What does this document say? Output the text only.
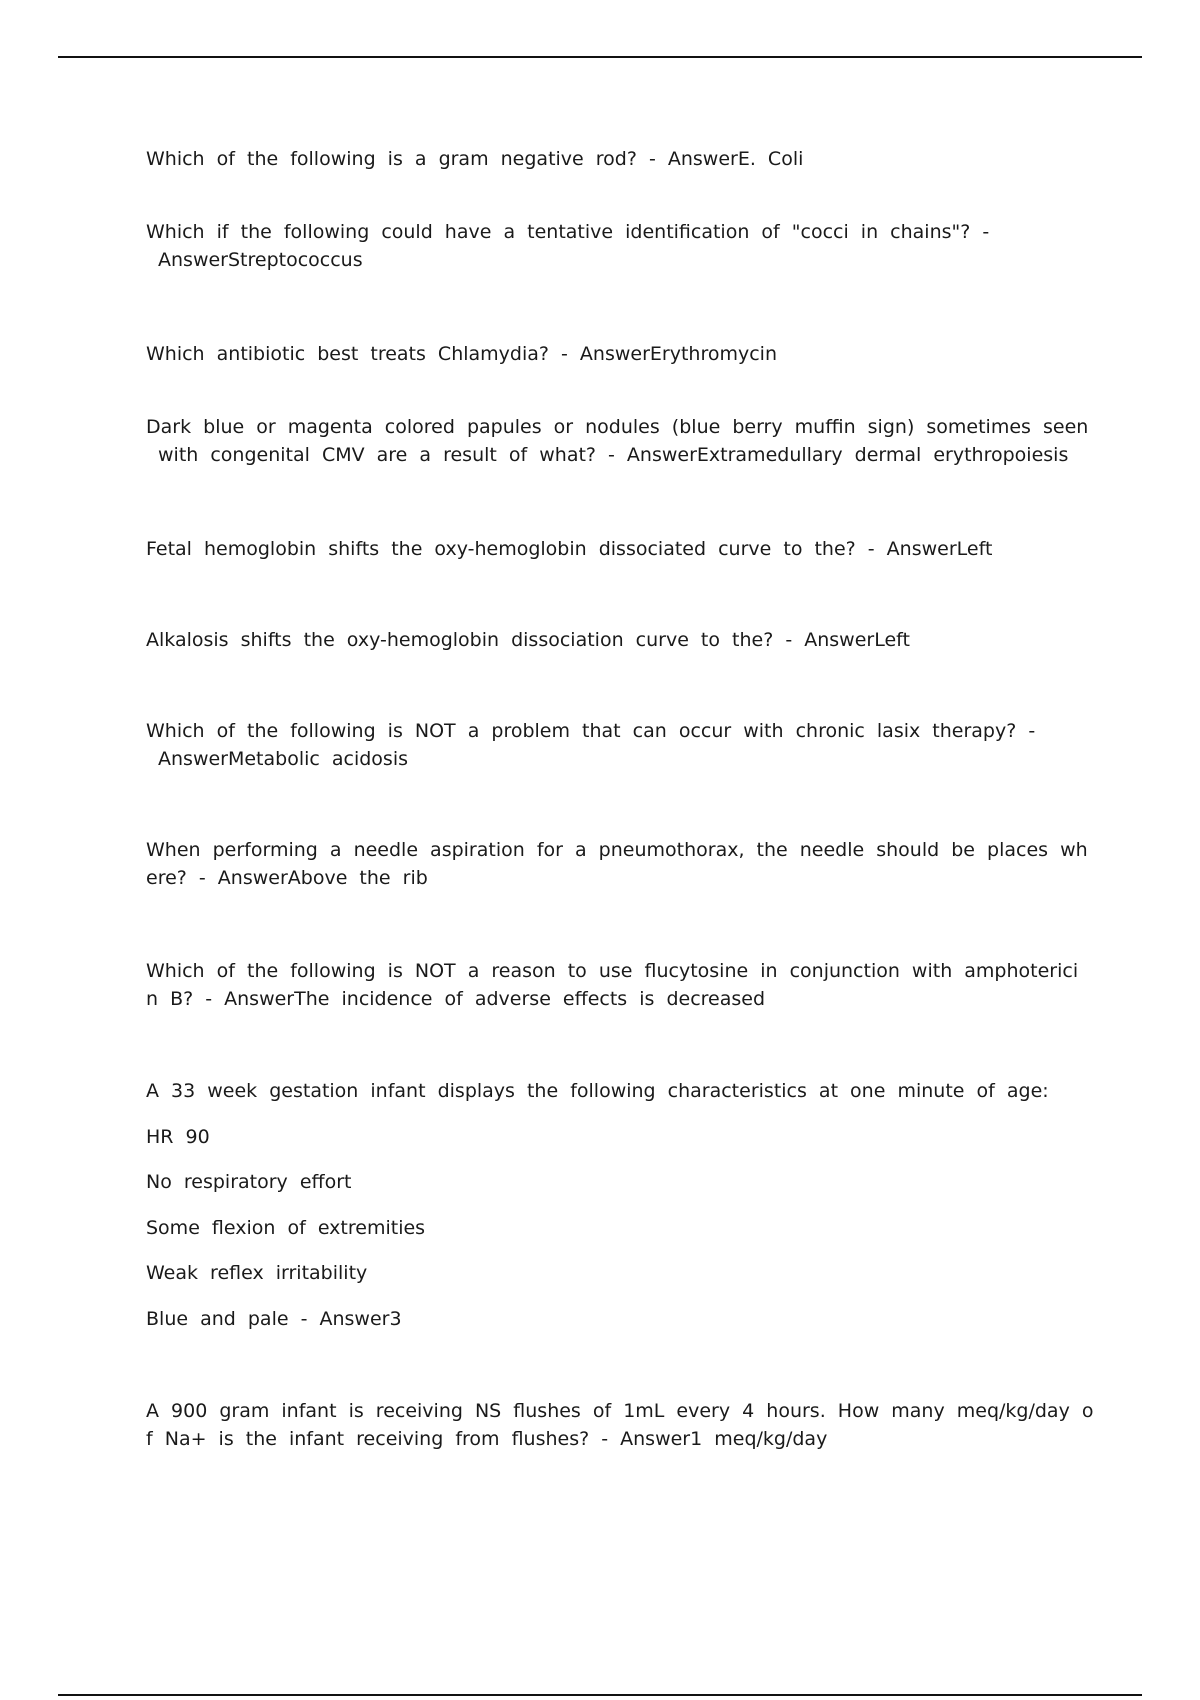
Which of the following is a gram negative rod? - AnswerE. Coli

Which if the following could have a tentative identification of "cocci in chains"? -
AnswerStreptococcus

Which antibiotic best treats Chlamydia? - AnswerErythromycin

Dark blue or magenta colored papules or nodules (blue berry muffin sign) sometimes seen
with congenital CMV are a result of what? - AnswerExtramedullary dermal erythropoiesis

Fetal hemoglobin shifts the oxy-hemoglobin dissociated curve to the? - AnswerLeft

Alkalosis shifts the oxy-hemoglobin dissociation curve to the? - AnswerLeft

Which of the following is NOT a problem that can occur with chronic lasix therapy? -
AnswerMetabolic acidosis

When performing a needle aspiration for a pneumothorax, the needle should be places wh
ere? - AnswerAbove the rib

Which of the following is NOT a reason to use flucytosine in conjunction with amphoterici
n B? - AnswerThe incidence of adverse effects is decreased

A 33 week gestation infant displays the following characteristics at one minute of age:

HR 90

No respiratory effort

Some flexion of extremities

Weak reflex irritability

Blue and pale - Answer3

A 900 gram infant is receiving NS flushes of 1mL every 4 hours. How many meq/kg/day o
f Na+ is the infant receiving from flushes? - Answer1 meq/kg/day
